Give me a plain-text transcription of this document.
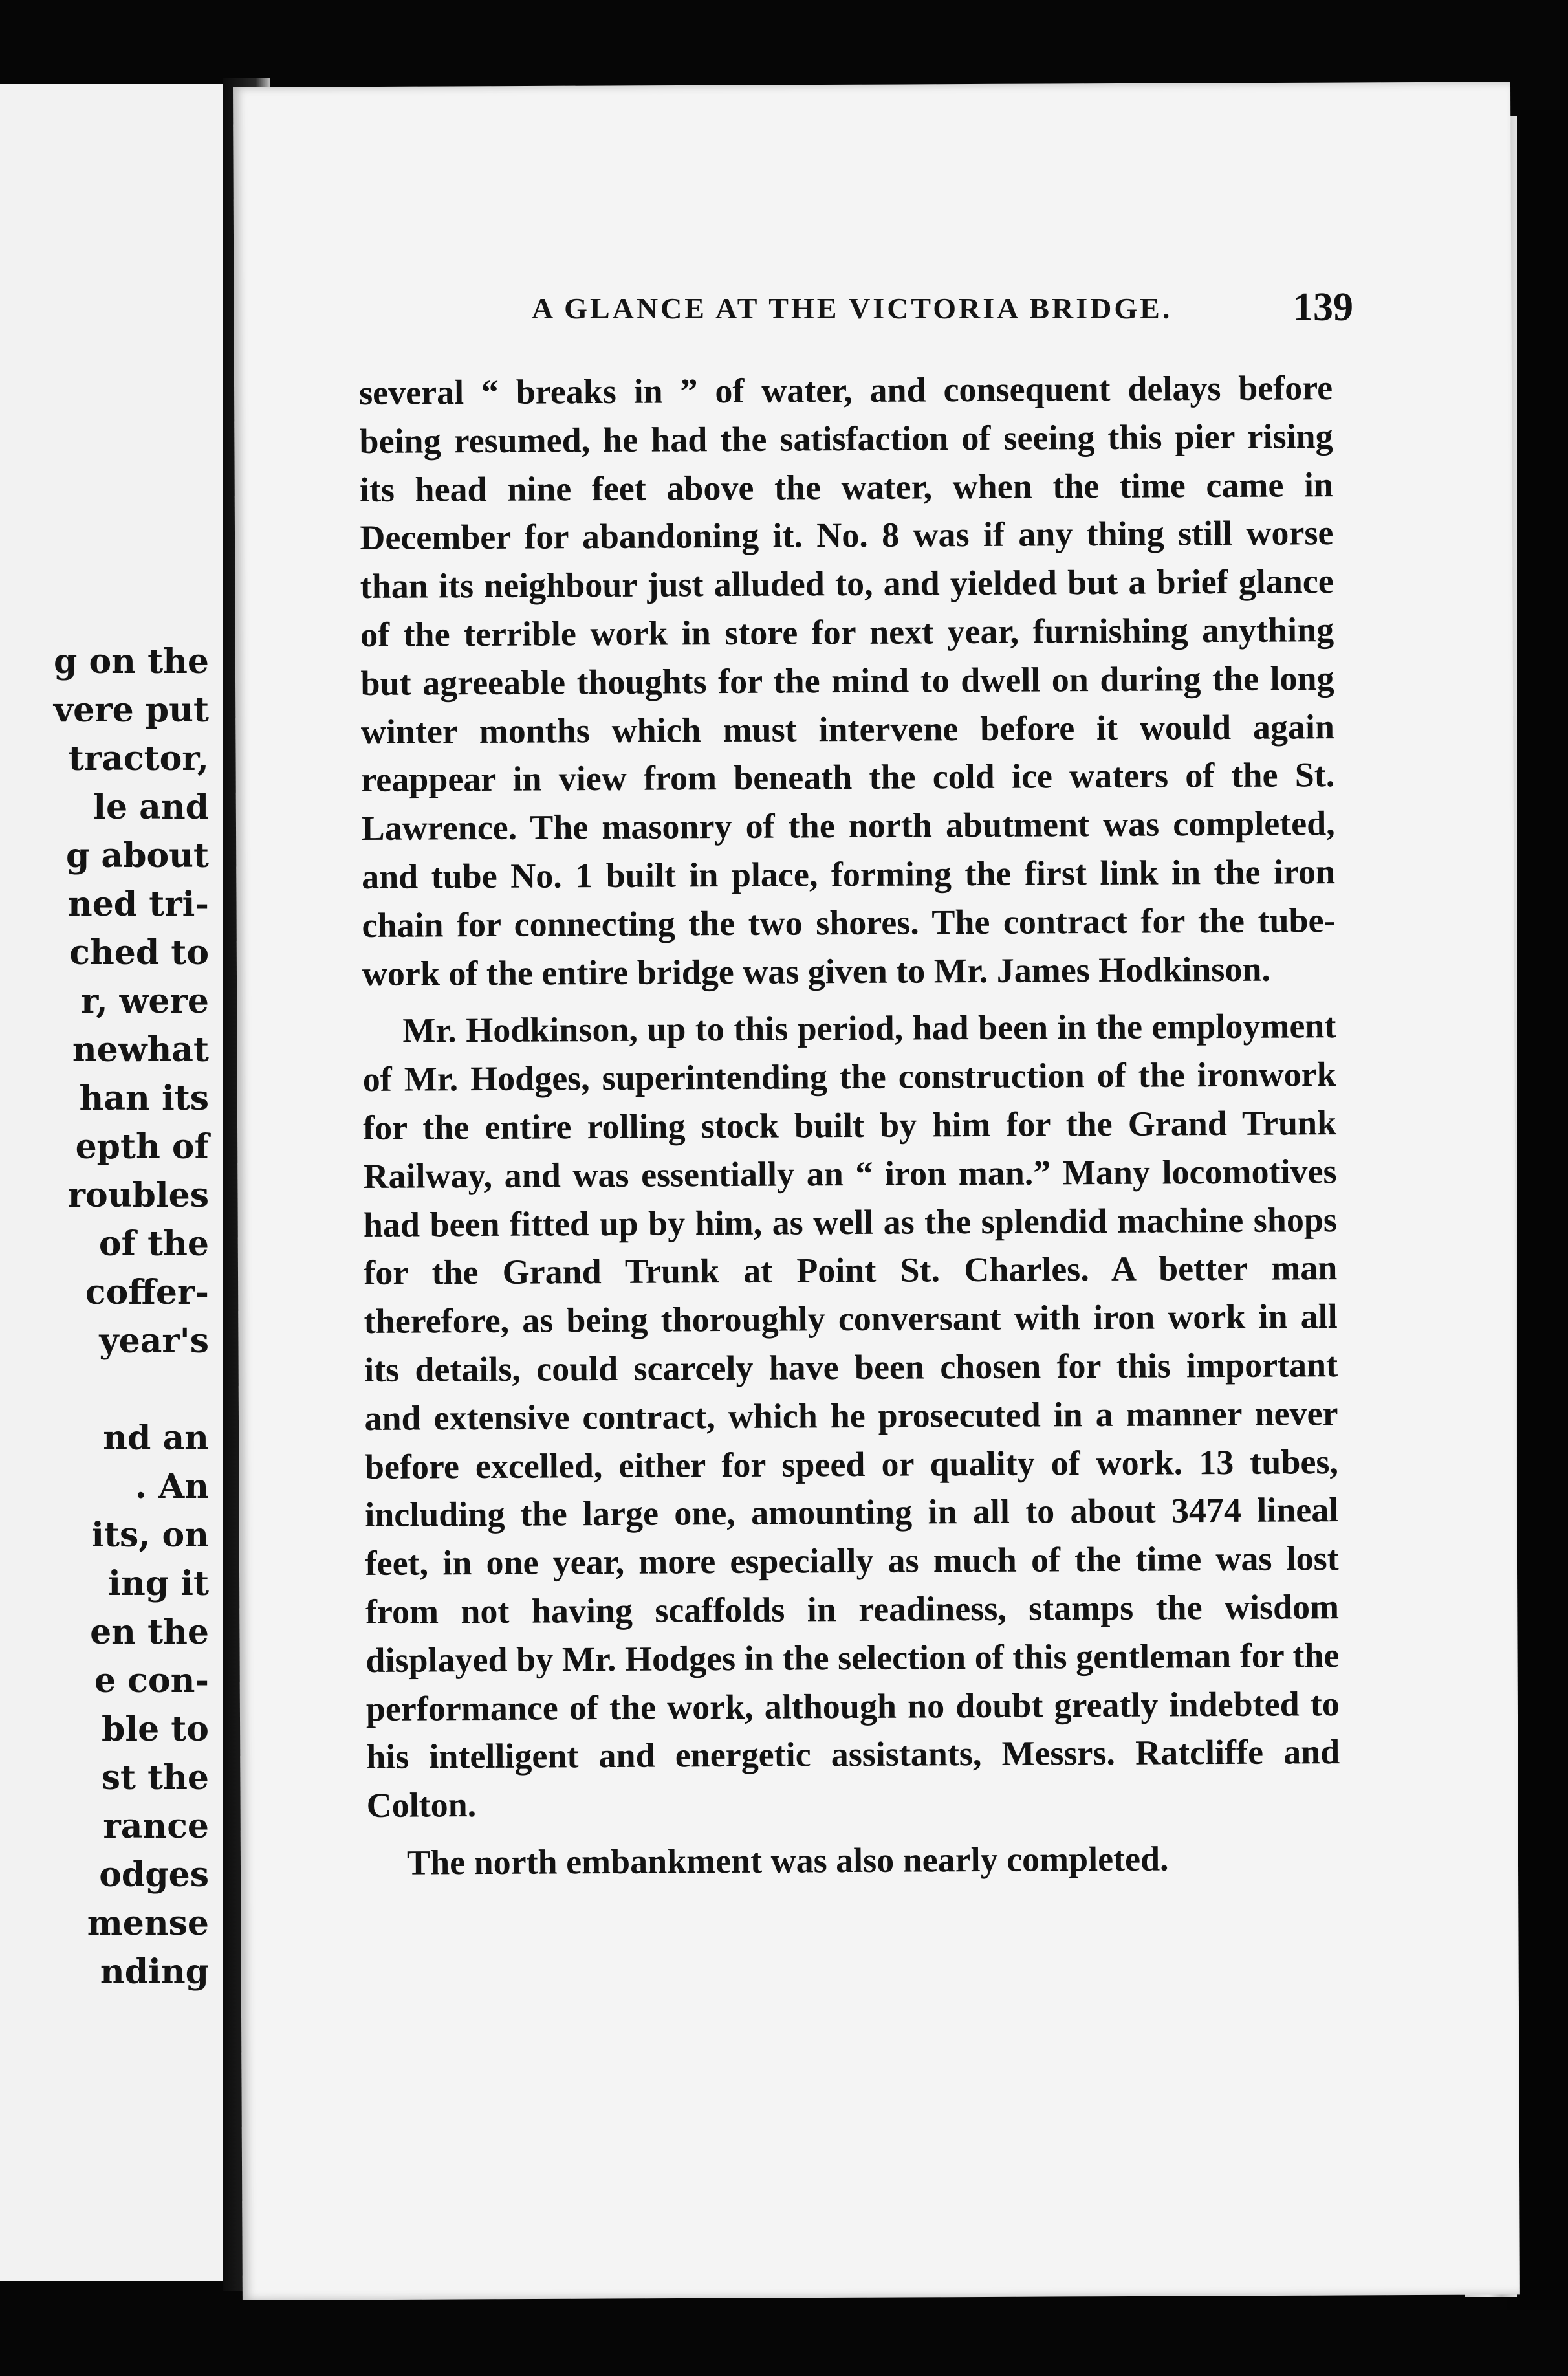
g on the
vere put
tractor,
le and
g about
ned tri-
ched to
r, were
newhat
han its
epth of
roubles
of the
coffer-
year's
nd an
. An
its, on
ing it
en the
e con-
ble to
st the
rance
odges
mense
nding
A GLANCE AT THE VICTORIA BRIDGE.	139

several “ breaks in ” of water, and consequent delays before being resumed, he had the satisfaction of seeing this pier rising its head nine feet above the water, when the time came in December for abandoning it. No. 8 was if any thing still worse than its neighbour just alluded to, and yielded but a brief glance of the terrible work in store for next year, furnishing anything but agreeable thoughts for the mind to dwell on during the long winter months which must intervene before it would again reappear in view from beneath the cold ice waters of the St. Lawrence. The masonry of the north abutment was completed, and tube No. 1 built in place, forming the first link in the iron chain for connecting the two shores. The contract for the tube-work of the entire bridge was given to Mr. James Hodkinson.

Mr. Hodkinson, up to this period, had been in the employment of Mr. Hodges, superintending the construction of the ironwork for the entire rolling stock built by him for the Grand Trunk Railway, and was essentially an “ iron man.” Many locomotives had been fitted up by him, as well as the splendid machine shops for the Grand Trunk at Point St. Charles. A better man therefore, as being thoroughly conversant with iron work in all its details, could scarcely have been chosen for this important and extensive contract, which he prosecuted in a manner never before excelled, either for speed or quality of work. 13 tubes, including the large one, amounting in all to about 3474 lineal feet, in one year, more especially as much of the time was lost from not having scaffolds in readiness, stamps the wisdom displayed by Mr. Hodges in the selection of this gentleman for the performance of the work, although no doubt greatly indebted to his intelligent and energetic assistants, Messrs. Ratcliffe and Colton.

The north embankment was also nearly completed.
